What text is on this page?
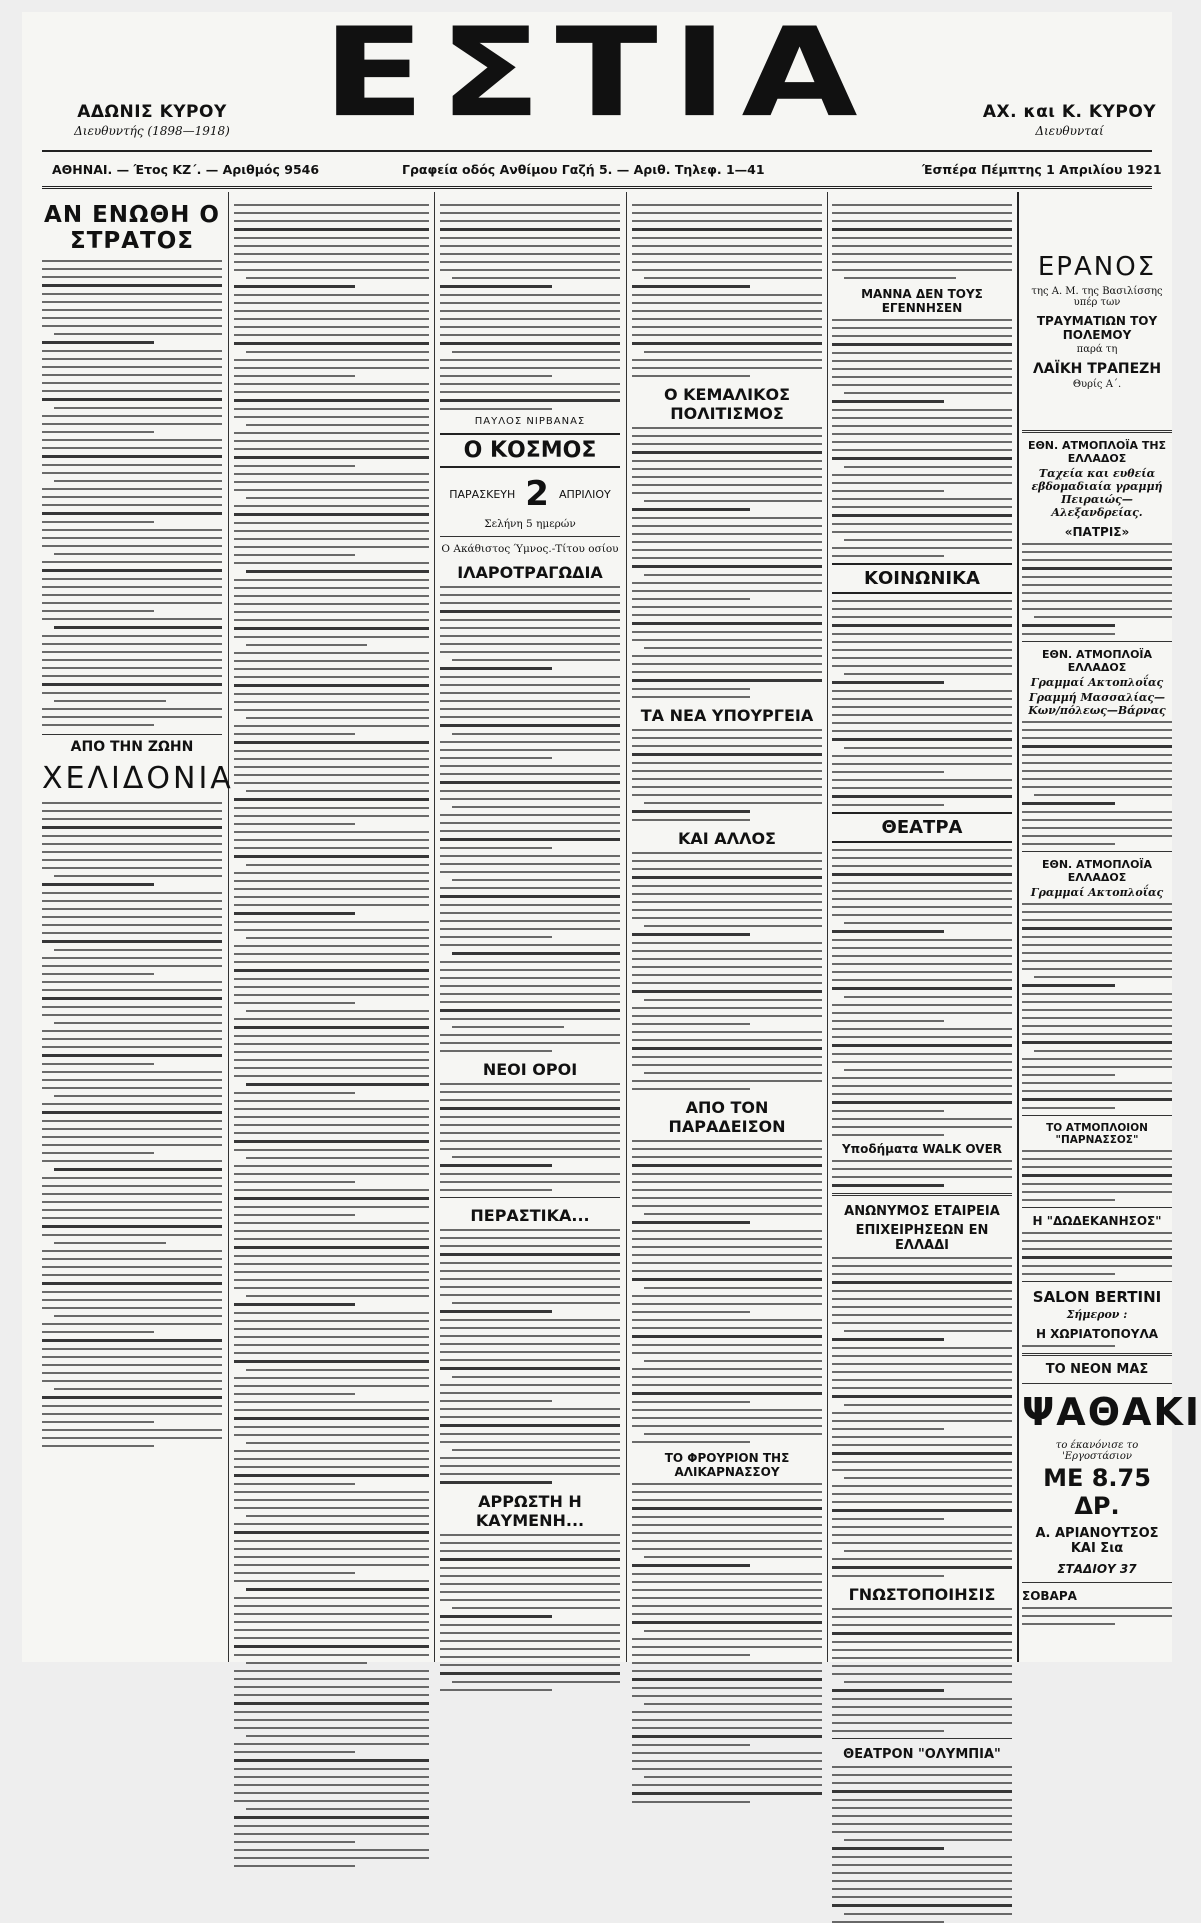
ΕΣΤΙΑ
ΑΔΩΝΙΣ ΚΥΡΟΥ
Διευθυντής (1898—1918)
ΑΧ. και Κ. ΚΥΡΟΥ
Διευθυνταί
ΑΘΗΝΑΙ. — Έτος ΚΖ΄. — Αριθμός 9546	Γραφεία οδός Ανθίμου Γαζή 5. — Αριθ. Τηλεφ. 1—41	Έσπέρα Πέμπτης 1 Απριλίου 1921
ΑΝ ΕΝΩΘΗ Ο ΣΤΡΑΤΟΣ
ΑΠΟ ΤΗΝ ΖΩΗΝ
ΧΕΛΙΔΟΝΙΑ
ΠΑΥΛΟΣ ΝΙΡΒΑΝΑΣ
Ο ΚΟΣΜΟΣ
ΠΑΡΑΣΚΕΥΗ 2 ΑΠΡΙΛΙΟΥ
Σελήνη 5 ημερών
Ο Ακάθιστος Ύμνος.-Τίτου οσίου
ΙΛΑΡΟΤΡΑΓΩΔΙΑ
ΝΕΟΙ ΟΡΟΙ
ΠΕΡΑΣΤΙΚΑ...
ΑΡΡΩΣΤΗ Η ΚΑΥΜΕΝΗ...
Ο ΚΕΜΑΛΙΚΟΣ ΠΟΛΙΤΙΣΜΟΣ
ΤΑ ΝΕΑ ΥΠΟΥΡΓΕΙΑ
ΚΑΙ ΑΛΛΟΣ
ΑΠΟ ΤΟΝ ΠΑΡΑΔΕΙΣΟΝ
ΤΟ ΦΡΟΥΡΙΟΝ ΤΗΣ ΑΛΙΚΑΡΝΑΣΣΟΥ
ΜΑΝΝΑ ΔΕΝ ΤΟΥΣ ΕΓΕΝΝΗΣΕΝ
ΚΟΙΝΩΝΙΚΑ
ΘΕΑΤΡΑ
Υποδήματα WALK OVER
ΑΝΩΝΥΜΟΣ ΕΤΑΙΡΕΙΑ
ΕΠΙΧΕΙΡΗΣΕΩΝ ΕΝ ΕΛΛΑΔΙ
ΓΝΩΣΤΟΠΟΙΗΣΙΣ
ΘΕΑΤΡΟΝ "ΟΛΥΜΠΙΑ"
ΕΡΑΝΟΣ
της Α. Μ. της Βασιλίσσης υπέρ των
ΤΡΑΥΜΑΤΙΩΝ ΤΟΥ ΠΟΛΕΜΟΥ
παρά τη
ΛΑΪΚΗ ΤΡΑΠΕΖΗ
Θυρίς Α΄.
ΕΘΝ. ΑΤΜΟΠΛΟΪΑ ΤΗΣ ΕΛΛΑΔΟΣ
Ταχεία και ευθεία εβδομαδιαία γραμμή Πειραιώς—Αλεξανδρείας.
«ΠΑΤΡΙΣ»
ΕΘΝ. ΑΤΜΟΠΛΟΪΑ ΕΛΛΑΔΟΣ
Γραμμαί Ακτοπλοΐας
Γραμμή Μασσαλίας—Κων/πόλεως—Βάρνας
ΕΘΝ. ΑΤΜΟΠΛΟΪΑ ΕΛΛΑΔΟΣ
Γραμμαί Ακτοπλοΐας
ΤΟ ΑΤΜΟΠΛΟΙΟΝ "ΠΑΡΝΑΣΣΟΣ"
Η "ΔΩΔΕΚΑΝΗΣΟΣ"
SALON BERTINI
Σήμερον :
Η ΧΩΡΙΑΤΟΠΟΥΛΑ
ΤΟ ΝΕΟΝ ΜΑΣ
ΨΑΘΑΚΙ
το έκανόνισε το 'Εργοστάσιον
ΜΕ 8.75 ΔΡ.
Α. ΑΡΙΑΝΟΥΤΣΟΣ ΚΑΙ Σια
ΣΤΑΔΙΟΥ 37
ΣΟΒΑΡΑ
